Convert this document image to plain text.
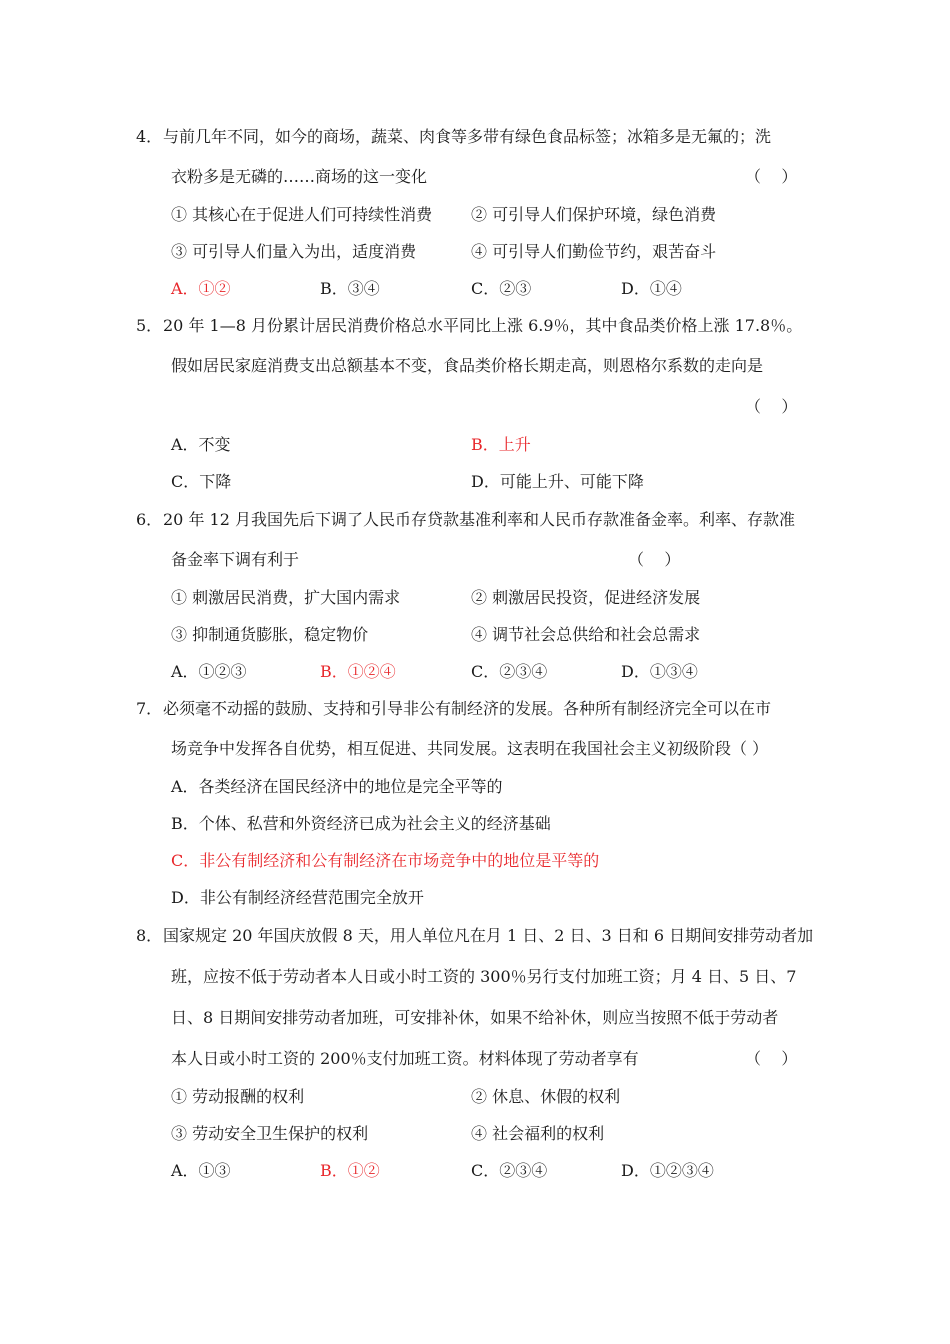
4． 与前几年不同，如今的商场，蔬菜、肉食等多带有绿色食品标签；冰箱多是无氟的；洗
衣粉多是无磷的……商场的这一变化	（    ）
① 其核心在于促进人们可持续性消费 ② 可引导人们保护环境，绿色消费
③ 可引导人们量入为出，适度消费	④ 可引导人们勤俭节约，艰苦奋斗
A．①②	B．③④	C．②③	D．①④
5． 20 年 1—8 月份累计居民消费价格总水平同比上涨 6.9％，其中食品类价格上涨 17.8％。
假如居民家庭消费支出总额基本不变，食品类价格长期走高，则恩格尔系数的走向是
（    ）
A．不变	B．上升
C．下降	D．可能上升、可能下降
6． 20 年 12 月我国先后下调了人民币存贷款基准利率和人民币存款准备金率。利率、存款准
备金率下调有利于	（    ）
① 刺激居民消费，扩大国内需求	② 刺激居民投资，促进经济发展
③ 抑制通货膨胀，稳定物价	④ 调节社会总供给和社会总需求
A．①②③	B．①②④	C．②③④	D．①③④
7． 必须毫不动摇的鼓励、支持和引导非公有制经济的发展。各种所有制经济完全可以在市
场竞争中发挥各自优势，相互促进、共同发展。这表明在我国社会主义初级阶段（ ）
A．各类经济在国民经济中的地位是完全平等的
B．个体、私营和外资经济已成为社会主义的经济基础
C．非公有制经济和公有制经济在市场竞争中的地位是平等的
D．非公有制经济经营范围完全放开
8． 国家规定 20 年国庆放假 8 天，用人单位凡在月 1 日、2 日、3 日和 6 日期间安排劳动者加
班，应按不低于劳动者本人日或小时工资的 300％另行支付加班工资；月 4 日、5 日、7
日、8 日期间安排劳动者加班，可安排补休，如果不给补休，则应当按照不低于劳动者
本人日或小时工资的 200％支付加班工资。材料体现了劳动者享有	（    ）
① 劳动报酬的权利	② 休息、休假的权利
③ 劳动安全卫生保护的权利	④ 社会福利的权利
A．①③	B．①②	C．②③④	D．①②③④
